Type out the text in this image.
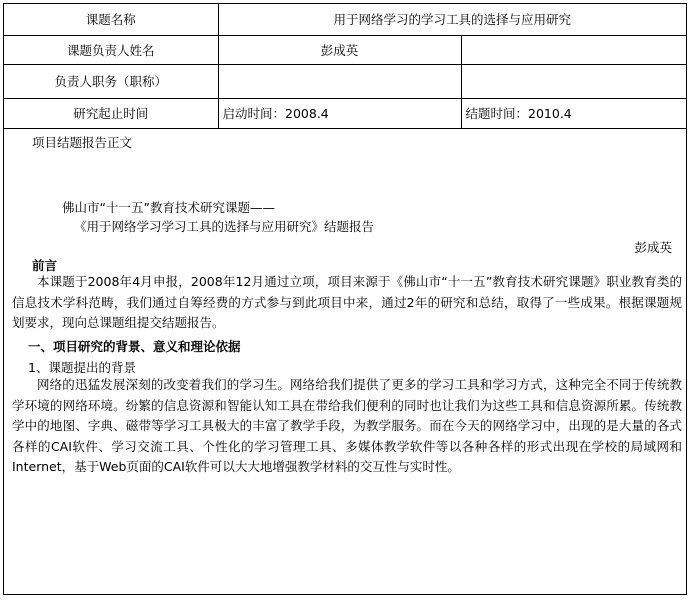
课题名称	用于网络学习的学习工具的选择与应用研究	
课题负责人姓名	彭成英	
负责人职务（职称）		
研究起止时间	启动时间：2008.4	结题时间：2010.4
项目结题报告正文
佛山市“十一五”教育技术研究课题——
《用于网络学习学习工具的选择与应用研究》结题报告
彭成英
前言
本课题于2008年4月申报，2008年12月通过立项，项目来源于《佛山市“十一五”教育技术研究课题》职业教育类的信息技术学科范畴，我们通过自筹经费的方式参与到此项目中来，通过2年的研究和总结，取得了一些成果。根据课题规划要求，现向总课题组提交结题报告。
一、项目研究的背景、意义和理论依据
1、课题提出的背景
网络的迅猛发展深刻的改变着我们的学习生。网络给我们提供了更多的学习工具和学习方式，这种完全不同于传统教学环境的网络环境。纷繁的信息资源和智能认知工具在带给我们便利的同时也让我们为这些工具和信息资源所累。传统教学中的地图、字典、磁带等学习工具极大的丰富了教学手段，为教学服务。而在今天的网络学习中，出现的是大量的各式各样的CAI软件、学习交流工具、个性化的学习管理工具、多媒体教学软件等以各种各样的形式出现在学校的局域网和Internet，基于Web页面的CAI软件可以大大地增强教学材料的交互性与实时性。
